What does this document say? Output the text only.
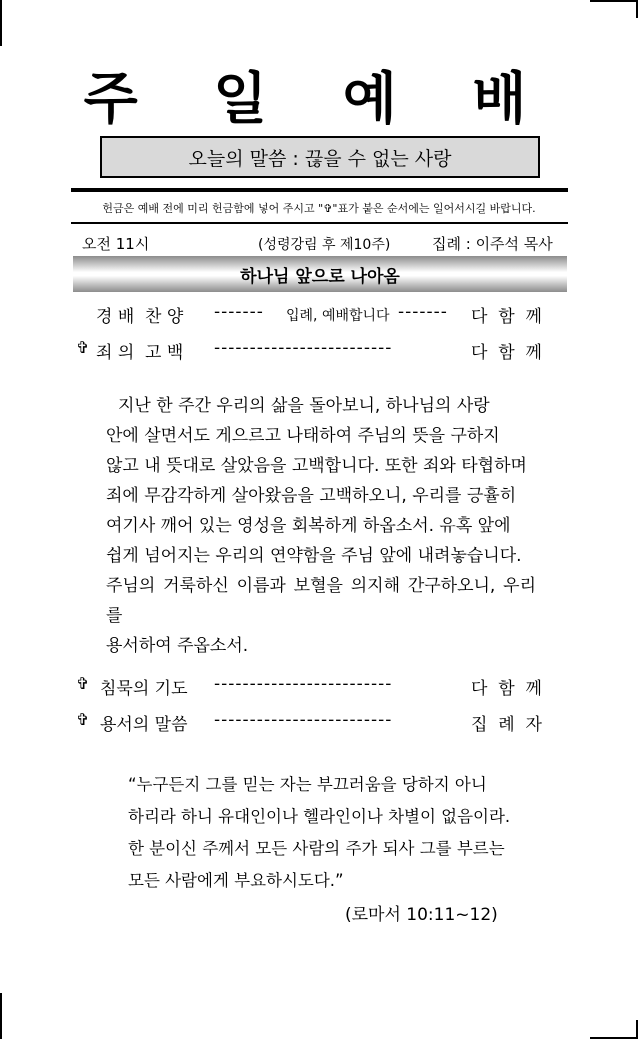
주 일 예 배
오늘의 말씀 : 끊을 수 없는 사랑
헌금은 예배 전에 미리 헌금함에 넣어 주시고 "✞"표가 붙은 순서에는 일어서시길 바랍니다.
오전 11시	(성령강림 후 제10주)	집례 : 이주석 목사
하나님 앞으로 나아옴
경 배  찬 양 ------- 입례, 예배합니다 ------- 다  함  께
✞ 죄 의  고 백 -------------------------	다  함  께
지난 한 주간 우리의 삶을 돌아보니, 하나님의 사랑
안에 살면서도 게으르고 나태하여 주님의 뜻을 구하지
않고 내 뜻대로 살았음을 고백합니다. 또한 죄와 타협하며
죄에 무감각하게 살아왔음을 고백하오니, 우리를 긍휼히
여기사 깨어 있는 영성을 회복하게 하옵소서. 유혹 앞에
쉽게 넘어지는 우리의 연약함을 주님 앞에 내려놓습니다.
주님의 거룩하신 이름과 보혈을 의지해 간구하오니, 우리를
용서하여 주옵소서.
✞ 침묵의 기도 -------------------------	다  함  께
✞ 용서의 말씀 -------------------------	집  례  자
“누구든지 그를 믿는 자는 부끄러움을 당하지 아니
하리라 하니 유대인이나 헬라인이나 차별이 없음이라.
한 분이신 주께서 모든 사람의 주가 되사 그를 부르는
모든 사람에게 부요하시도다.”
(로마서 10:11~12)
